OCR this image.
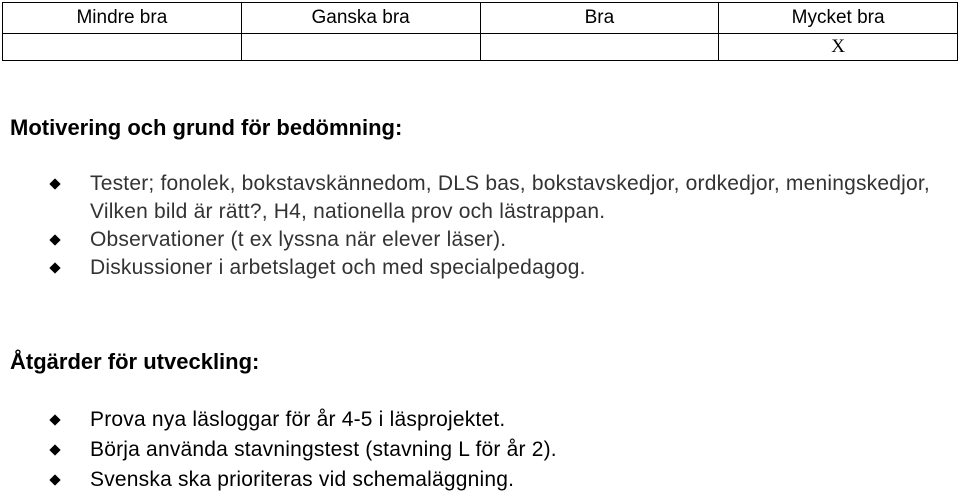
Mindre bra	Ganska bra	Bra	Mycket bra
			X
Motivering och grund för bedömning:
Tester; fonolek, bokstavskännedom, DLS bas, bokstavskedjor, ordkedjor, meningskedjor, Vilken bild är rätt?, H4, nationella prov och lästrappan.
Observationer (t ex lyssna när elever läser).
Diskussioner i arbetslaget och med specialpedagog.
Åtgärder för utveckling:
Prova nya läsloggar för år 4-5 i läsprojektet.
Börja använda stavningstest (stavning L för år 2).
Svenska ska prioriteras vid schemaläggning.
